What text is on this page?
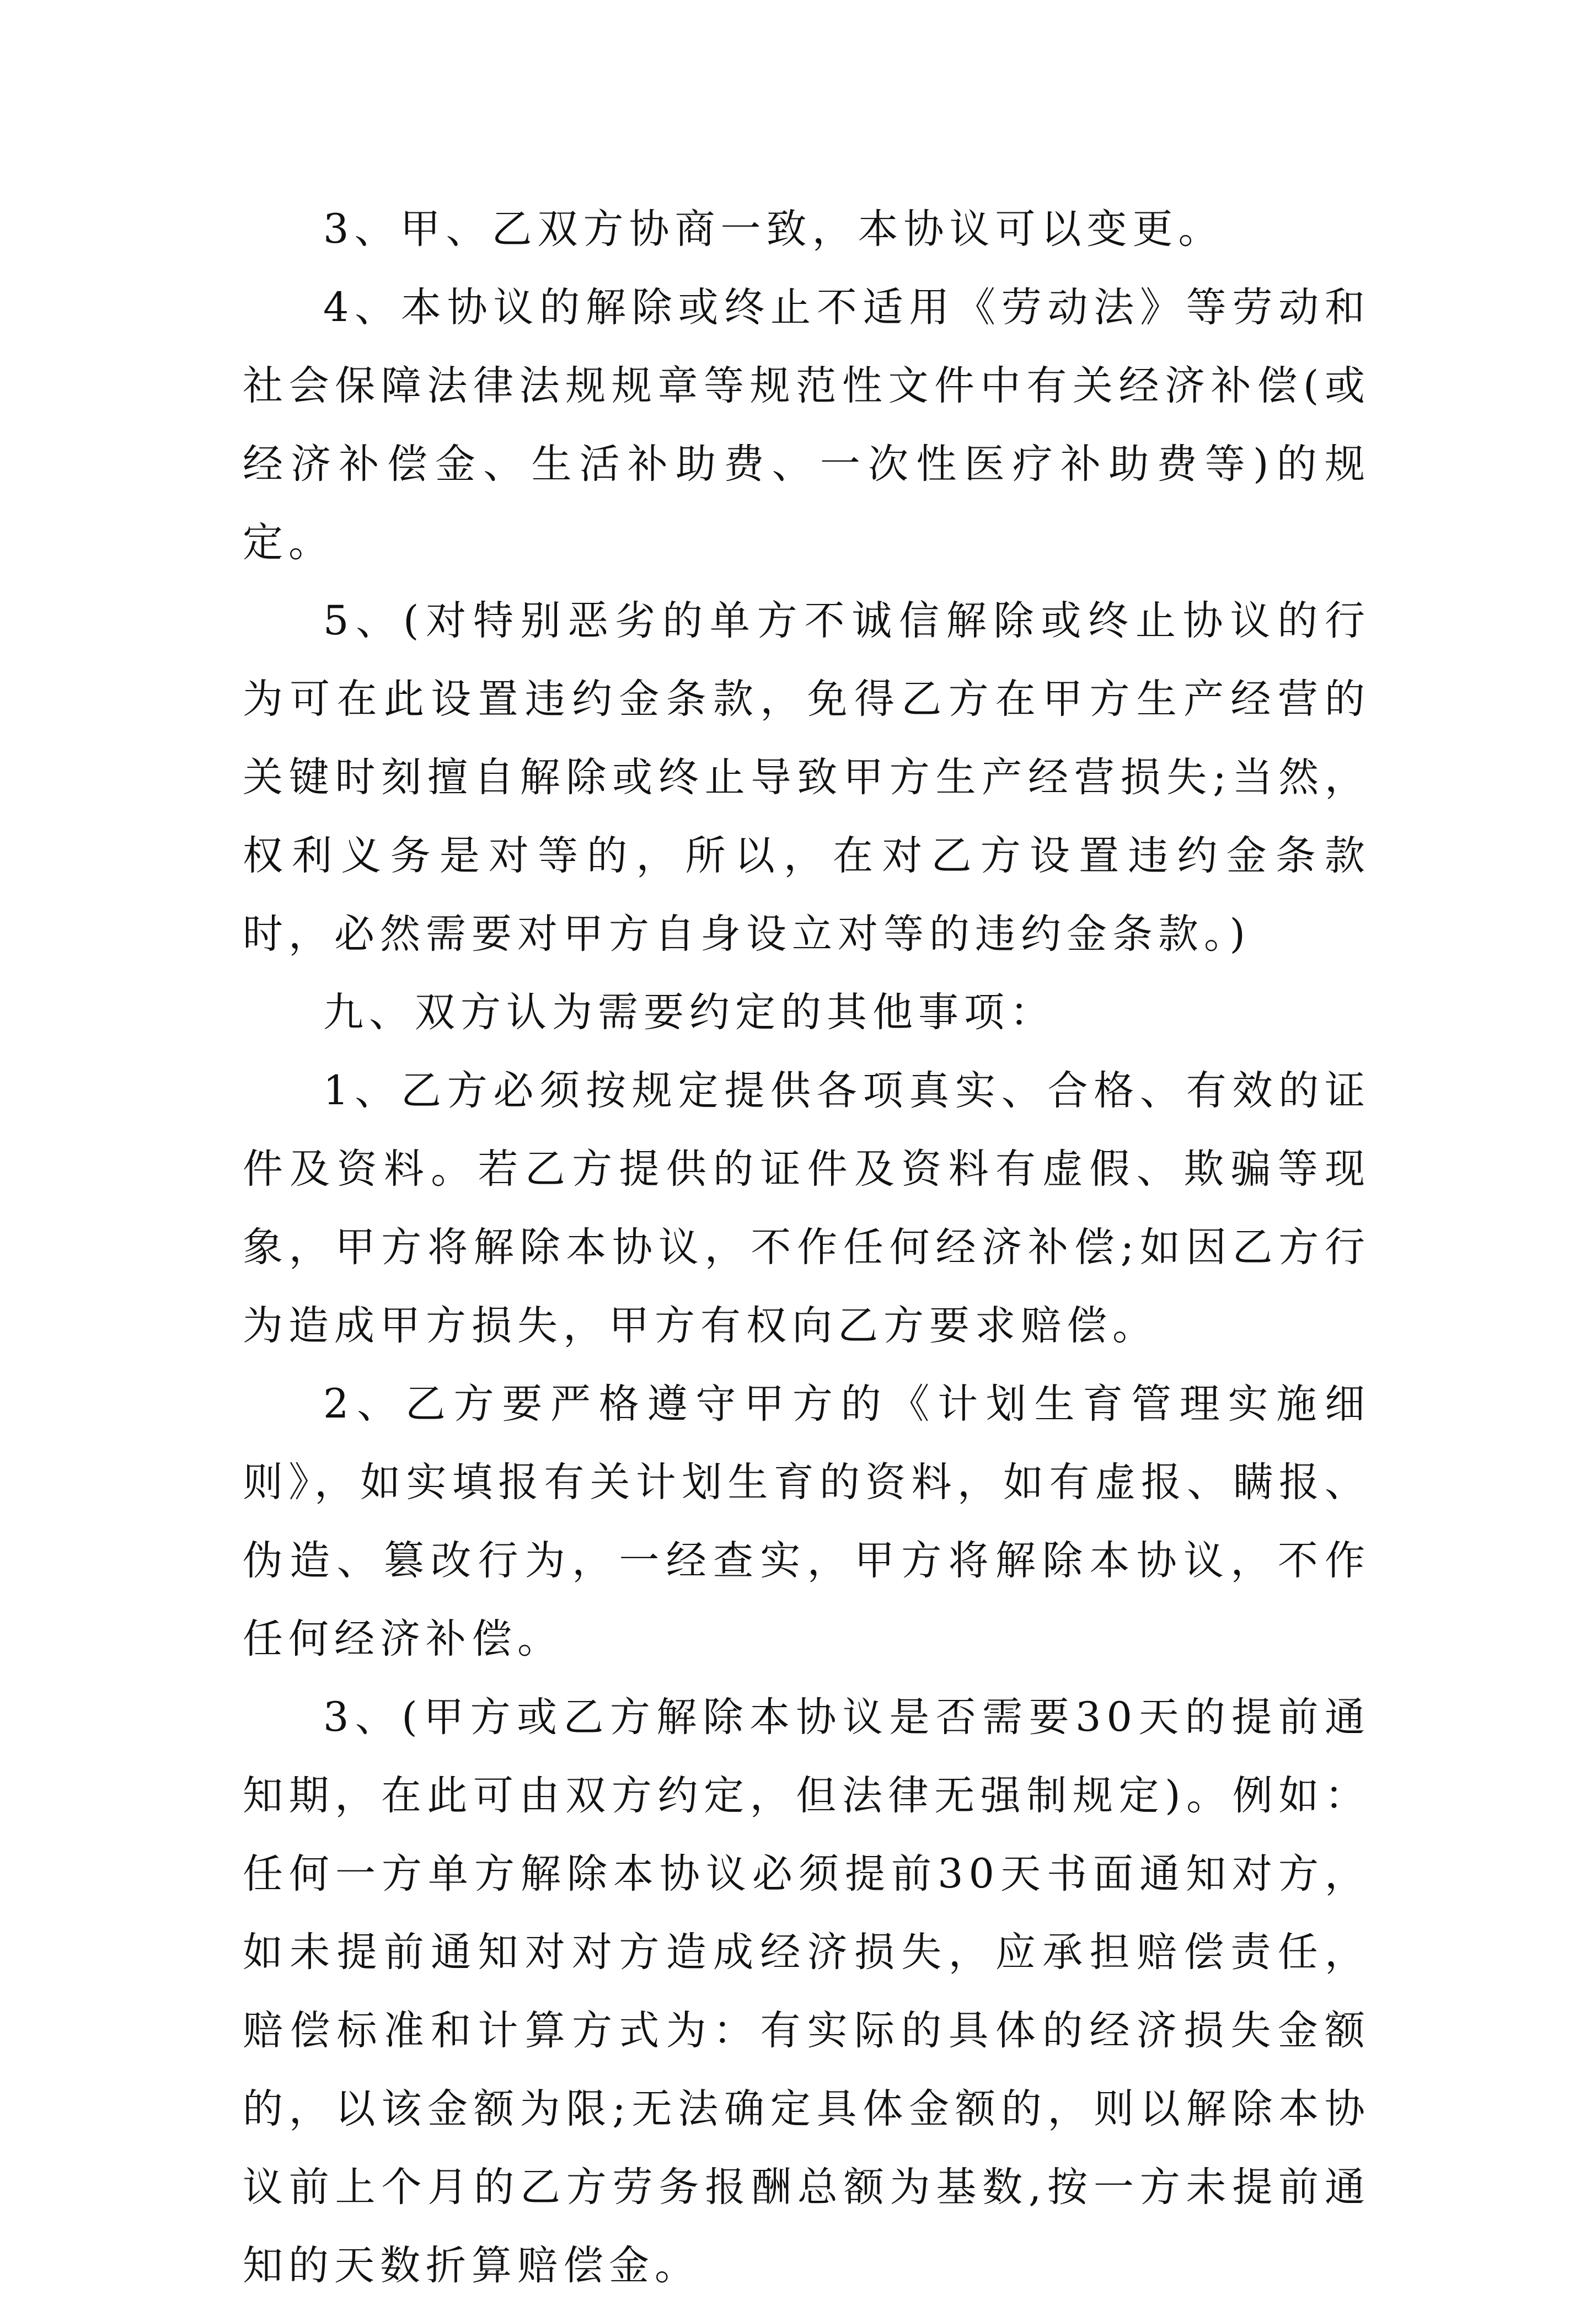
3、甲、乙双方协商一致，本协议可以变更。

4、本协议的解除或终止不适用《劳动法》等劳动和社会保障法律法规规章等规范性文件中有关经济补偿(或经济补偿金、生活补助费、一次性医疗补助费等)的规定。

5、(对特别恶劣的单方不诚信解除或终止协议的行为可在此设置违约金条款，免得乙方在甲方生产经营的关键时刻擅自解除或终止导致甲方生产经营损失;当然，权利义务是对等的，所以，在对乙方设置违约金条款时，必然需要对甲方自身设立对等的违约金条款。)

九、双方认为需要约定的其他事项：

1、乙方必须按规定提供各项真实、合格、有效的证件及资料。若乙方提供的证件及资料有虚假、欺骗等现象，甲方将解除本协议，不作任何经济补偿;如因乙方行为造成甲方损失，甲方有权向乙方要求赔偿。

2、乙方要严格遵守甲方的《计划生育管理实施细则》，如实填报有关计划生育的资料，如有虚报、瞒报、伪造、篡改行为，一经查实，甲方将解除本协议，不作任何经济补偿。

3、(甲方或乙方解除本协议是否需要30天的提前通知期，在此可由双方约定，但法律无强制规定)。例如：任何一方单方解除本协议必须提前30天书面通知对方，如未提前通知对对方造成经济损失，应承担赔偿责任，赔偿标准和计算方式为：有实际的具体的经济损失金额的，以该金额为限;无法确定具体金额的，则以解除本协议前上个月的乙方劳务报酬总额为基数,按一方未提前通知的天数折算赔偿金。
